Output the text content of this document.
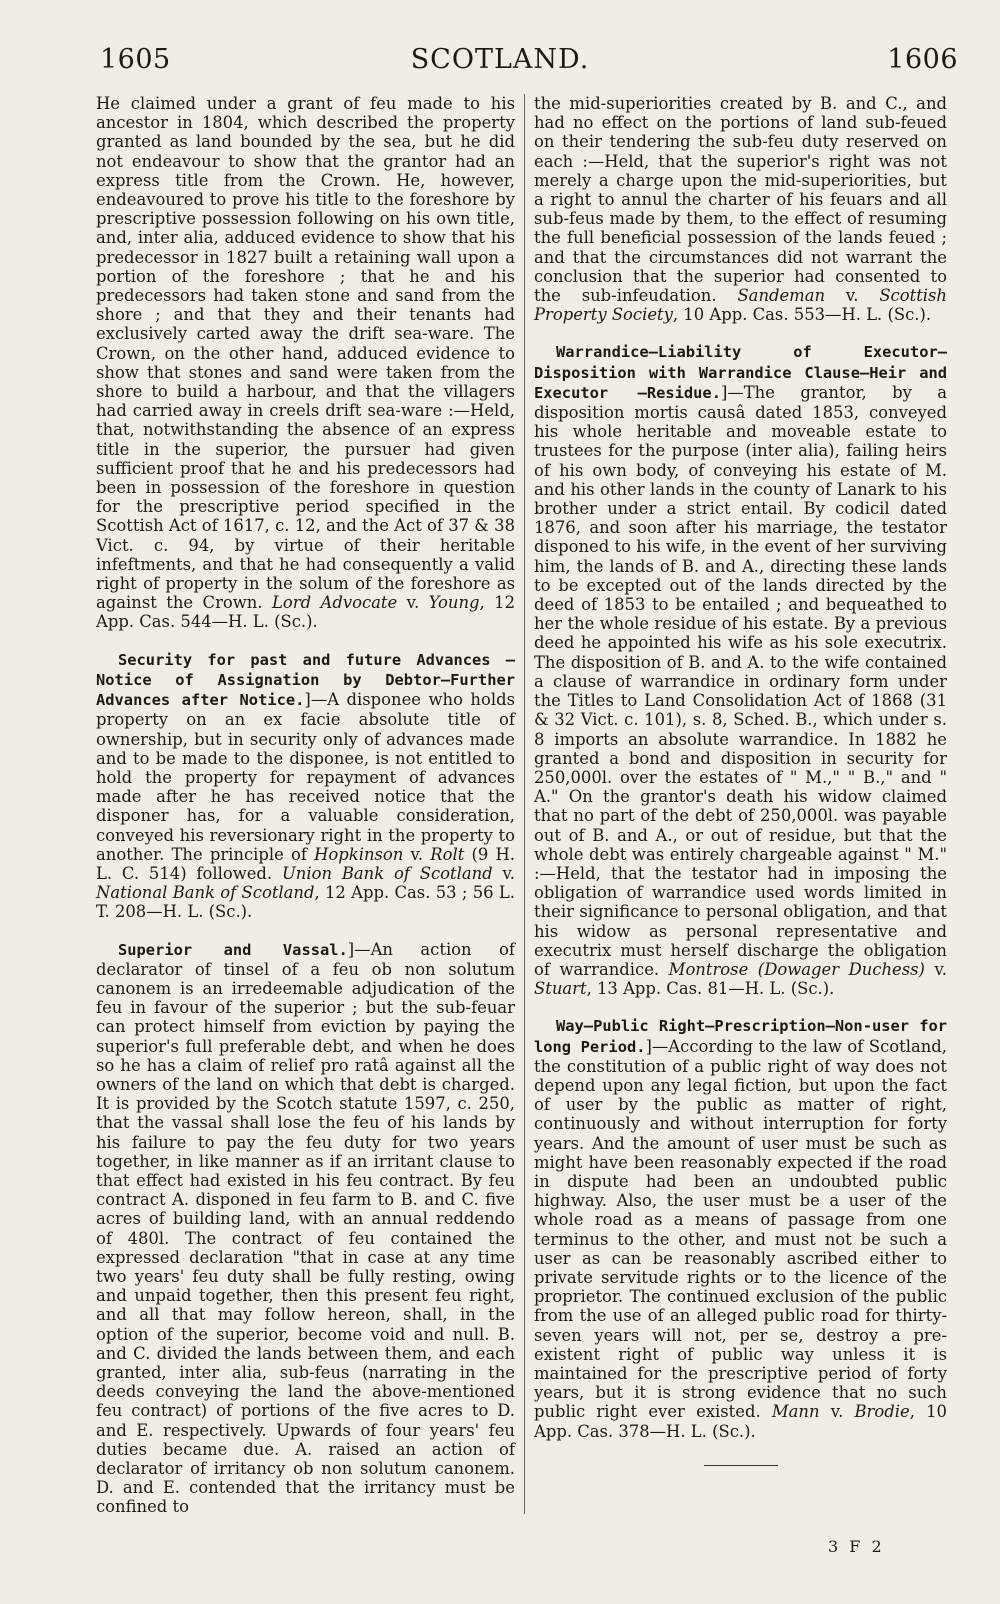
1605	SCOTLAND.	1606

He claimed under a grant of feu made to his ancestor in 1804, which described the property granted as land bounded by the sea, but he did not endeavour to show that the grantor had an express title from the Crown. He, however, endeavoured to prove his title to the foreshore by prescriptive possession following on his own title, and, inter alia, adduced evidence to show that his predecessor in 1827 built a retaining wall upon a portion of the foreshore ; that he and his predecessors had taken stone and sand from the shore ; and that they and their tenants had exclusively carted away the drift sea-ware. The Crown, on the other hand, adduced evidence to show that stones and sand were taken from the shore to build a harbour, and that the villagers had carried away in creels drift sea-ware :—Held, that, notwithstanding the absence of an express title in the superior, the pursuer had given sufficient proof that he and his predecessors had been in possession of the foreshore in question for the prescriptive period specified in the Scottish Act of 1617, c. 12, and the Act of 37 & 38 Vict. c. 94, by virtue of their heritable infeftments, and that he had consequently a valid right of property in the solum of the foreshore as against the Crown. Lord Advocate v. Young, 12 App. Cas. 544—H. L. (Sc.).

Security for past and future Advances — Notice of Assignation by Debtor—Further Advances after Notice.]—A disponee who holds property on an ex facie absolute title of ownership, but in security only of advances made and to be made to the disponee, is not entitled to hold the property for repayment of advances made after he has received notice that the disponer has, for a valuable consideration, conveyed his reversionary right in the property to another. The principle of Hopkinson v. Rolt (9 H. L. C. 514) followed. Union Bank of Scotland v. National Bank of Scotland, 12 App. Cas. 53 ; 56 L. T. 208—H. L. (Sc.).

Superior and Vassal.]—An action of declarator of tinsel of a feu ob non solutum canonem is an irredeemable adjudication of the feu in favour of the superior ; but the sub-feuar can protect himself from eviction by paying the superior's full preferable debt, and when he does so he has a claim of relief pro ratâ against all the owners of the land on which that debt is charged. It is provided by the Scotch statute 1597, c. 250, that the vassal shall lose the feu of his lands by his failure to pay the feu duty for two years together, in like manner as if an irritant clause to that effect had existed in his feu contract. By feu contract A. disponed in feu farm to B. and C. five acres of building land, with an annual reddendo of 480l. The contract of feu contained the expressed declaration "that in case at any time two years' feu duty shall be fully resting, owing and unpaid together, then this present feu right, and all that may follow hereon, shall, in the option of the superior, become void and null. B. and C. divided the lands between them, and each granted, inter alia, sub-feus (narrating in the deeds conveying the land the above-mentioned feu contract) of portions of the five acres to D. and E. respectively. Upwards of four years' feu duties became due. A. raised an action of declarator of irritancy ob non solutum canonem. D. and E. contended that the irritancy must be confined to

the mid-superiorities created by B. and C., and had no effect on the portions of land sub-feued on their tendering the sub-feu duty reserved on each :—Held, that the superior's right was not merely a charge upon the mid-superiorities, but a right to annul the charter of his feuars and all sub-feus made by them, to the effect of resuming the full beneficial possession of the lands feued ; and that the circumstances did not warrant the conclusion that the superior had consented to the sub-infeudation. Sandeman v. Scottish Property Society, 10 App. Cas. 553—H. L. (Sc.).

Warrandice—Liability of Executor—Disposition with Warrandice Clause—Heir and Executor —Residue.]—The grantor, by a disposition mortis causâ dated 1853, conveyed his whole heritable and moveable estate to trustees for the purpose (inter alia), failing heirs of his own body, of conveying his estate of M. and his other lands in the county of Lanark to his brother under a strict entail. By codicil dated 1876, and soon after his marriage, the testator disponed to his wife, in the event of her surviving him, the lands of B. and A., directing these lands to be excepted out of the lands directed by the deed of 1853 to be entailed ; and bequeathed to her the whole residue of his estate. By a previous deed he appointed his wife as his sole executrix. The disposition of B. and A. to the wife contained a clause of warrandice in ordinary form under the Titles to Land Consolidation Act of 1868 (31 & 32 Vict. c. 101), s. 8, Sched. B., which under s. 8 imports an absolute warrandice. In 1882 he granted a bond and disposition in security for 250,000l. over the estates of " M.," " B.," and " A." On the grantor's death his widow claimed that no part of the debt of 250,000l. was payable out of B. and A., or out of residue, but that the whole debt was entirely chargeable against " M." :—Held, that the testator had in imposing the obligation of warrandice used words limited in their significance to personal obligation, and that his widow as personal representative and executrix must herself discharge the obligation of warrandice. Montrose (Dowager Duchess) v. Stuart, 13 App. Cas. 81—H. L. (Sc.).

Way—Public Right—Prescription—Non-user for long Period.]—According to the law of Scotland, the constitution of a public right of way does not depend upon any legal fiction, but upon the fact of user by the public as matter of right, continuously and without interruption for forty years. And the amount of user must be such as might have been reasonably expected if the road in dispute had been an undoubted public highway. Also, the user must be a user of the whole road as a means of passage from one terminus to the other, and must not be such a user as can be reasonably ascribed either to private servitude rights or to the licence of the proprietor. The continued exclusion of the public from the use of an alleged public road for thirty-seven years will not, per se, destroy a pre-existent right of public way unless it is maintained for the prescriptive period of forty years, but it is strong evidence that no such public right ever existed. Mann v. Brodie, 10 App. Cas. 378—H. L. (Sc.).

3 F 2
